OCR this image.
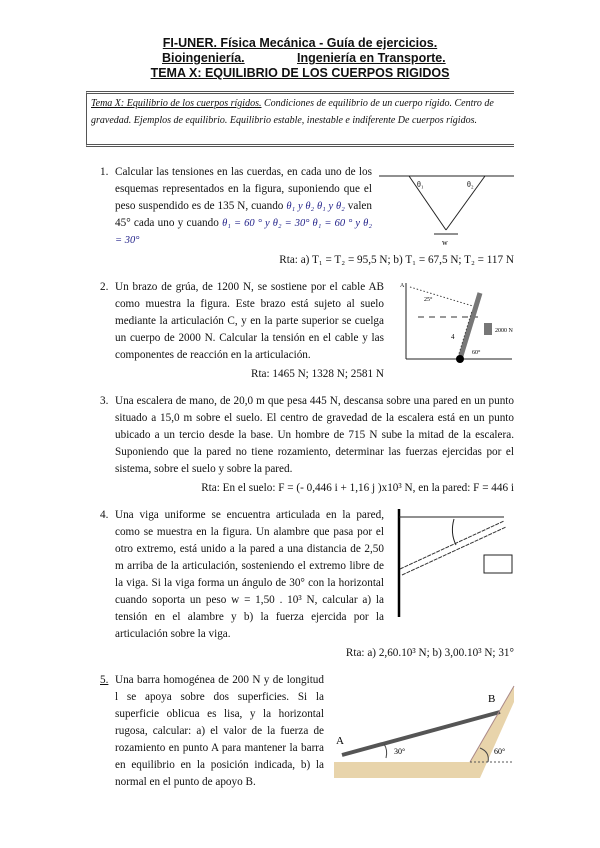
FI-UNER. Física Mecánica - Guía de ejercicios.
Bioingeniería.	Ingeniería en Transporte.
TEMA X: EQUILIBRIO DE LOS CUERPOS RIGIDOS
Tema X: Equilibrio de los cuerpos rígidos. Condiciones de equilibrio de un cuerpo rígido. Centro de gravedad. Ejemplos de equilibrio. Equilibrio estable, inestable e indiferente De cuerpos rígidos.
1. Calcular las tensiones en las cuerdas, en cada uno de los esquemas representados en la figura, suponiendo que el peso suspendido es de 135 N, cuando θ₁ y θ₂ θ₁ y θ₂ valen 45° cada uno y cuando θ₁ = 60 ° y θ₂ = 30° θ₁ = 60 ° y θ₂ = 30°
θ₁	θ₂
w
Rta: a) T₁ = T₂ = 95,5 N; b) T₁ = 67,5 N; T₂ = 117 N
2. Un brazo de grúa, de 1200 N, se sostiene por el cable AB como muestra la figura. Este brazo está sujeto al suelo mediante la articulación C, y en la parte superior se cuelga un cuerpo de 2000 N. Calcular la tensión en el cable y las componentes de reacción en la articulación.
Rta: 1465 N; 1328 N; 2581 N
A
25°
4
60°
2000 N
3. Una escalera de mano, de 20,0 m que pesa 445 N, descansa sobre una pared en un punto situado a 15,0 m sobre el suelo. El centro de gravedad de la escalera está en un punto ubicado a un tercio desde la base. Un hombre de 715 N sube la mitad de la escalera. Suponiendo que la pared no tiene rozamiento, determinar las fuerzas ejercidas por el sistema, sobre el suelo y sobre la pared.
Rta: En el suelo: F = (- 0,446 i + 1,16 j )x10³ N, en la pared: F = 446 i
4. Una viga uniforme se encuentra articulada en la pared, como se muestra en la figura. Un alambre que pasa por el otro extremo, está unido a la pared a una distancia de 2,50 m arriba de la articulación, sosteniendo el extremo libre de la viga. Si la viga forma un ángulo de 30° con la horizontal cuando soporta un peso w = 1,50 . 10³ N, calcular a) la tensión en el alambre y b) la fuerza ejercida por la articulación sobre la viga.
Rta: a) 2,60.10³ N; b) 3,00.10³ N; 31°
5. Una barra homogénea de 200 N y de longitud l se apoya sobre dos superficies. Si la superficie oblicua es lisa, y la horizontal rugosa, calcular: a) el valor de la fuerza de rozamiento en punto A para mantener la barra en equilibrio en la posición indicada, b) la normal en el punto de apoyo B.
A
B
30°	60°
